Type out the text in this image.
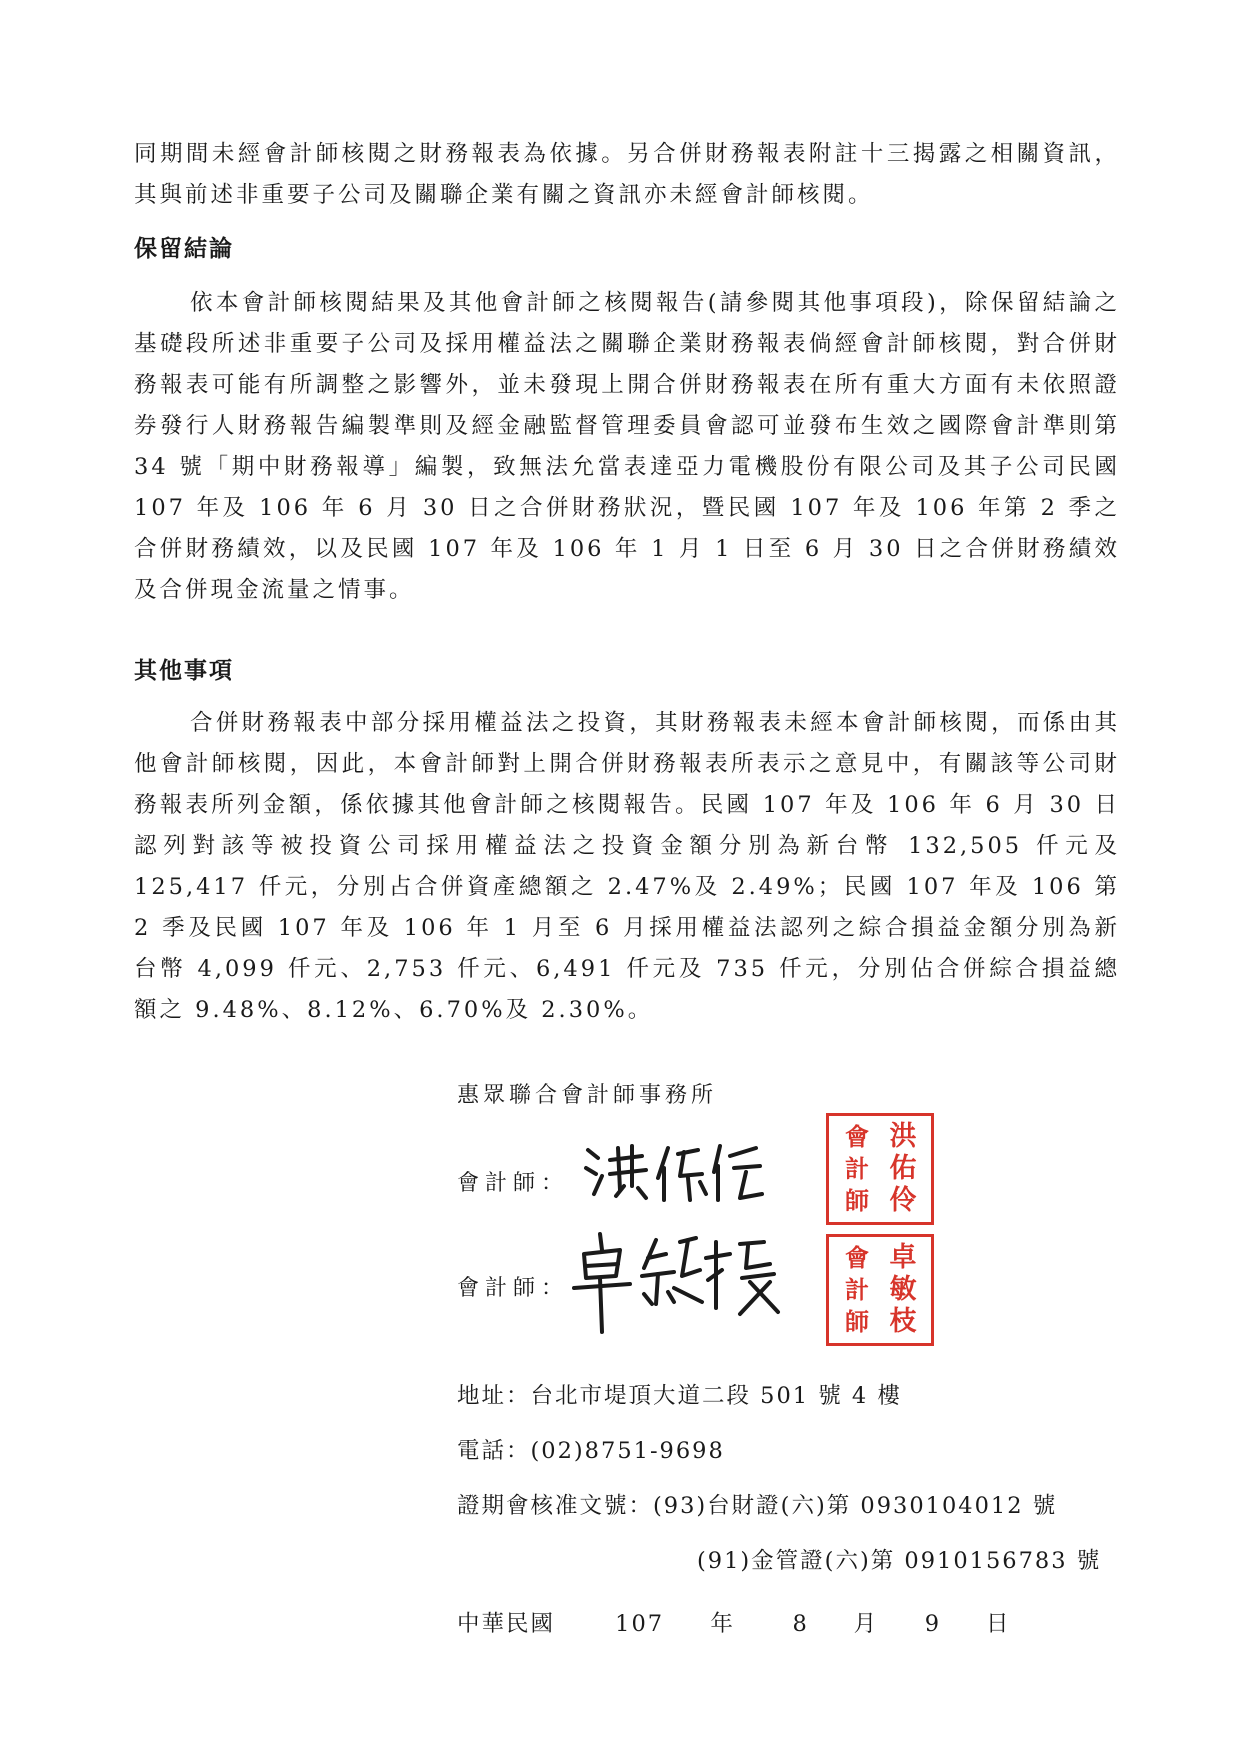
同期間未經會計師核閱之財務報表為依據。另合併財務報表附註十三揭露之相關資訊，其與前述非重要子公司及關聯企業有關之資訊亦未經會計師核閱。

保留結論

依本會計師核閱結果及其他會計師之核閱報告(請參閱其他事項段)，除保留結論之基礎段所述非重要子公司及採用權益法之關聯企業財務報表倘經會計師核閱，對合併財務報表可能有所調整之影響外，並未發現上開合併財務報表在所有重大方面有未依照證券發行人財務報告編製準則及經金融監督管理委員會認可並發布生效之國際會計準則第 34 號「期中財務報導」編製，致無法允當表達亞力電機股份有限公司及其子公司民國 107 年及 106 年 6 月 30 日之合併財務狀況，暨民國 107 年及 106 年第 2 季之合併財務績效，以及民國 107 年及 106 年 1 月 1 日至 6 月 30 日之合併財務績效及合併現金流量之情事。

其他事項

合併財務報表中部分採用權益法之投資，其財務報表未經本會計師核閱，而係由其他會計師核閱，因此，本會計師對上開合併財務報表所表示之意見中，有關該等公司財務報表所列金額，係依據其他會計師之核閱報告。民國 107 年及 106 年 6 月 30 日認列對該等被投資公司採用權益法之投資金額分別為新台幣 132,505 仟元及 125,417 仟元，分別占合併資產總額之 2.47%及 2.49%；民國 107 年及 106 第 2 季及民國 107 年及 106 年 1 月至 6 月採用權益法認列之綜合損益金額分別為新台幣 4,099 仟元、2,753 仟元、6,491 仟元及 735 仟元，分別佔合併綜合損益總額之 9.48%、8.12%、6.70%及 2.30%。

惠眾聯合會計師事務所
會計師：
會
計
師
洪
佑
伶
會計師：
會
計
師
卓
敏
枝
地址：台北市堤頂大道二段 501 號 4 樓
電話：(02)8751-9698
證期會核准文號：(93)台財證(六)第 0930104012 號
(91)金管證(六)第 0910156783 號
中華民國	107 年	8 月 9 日
